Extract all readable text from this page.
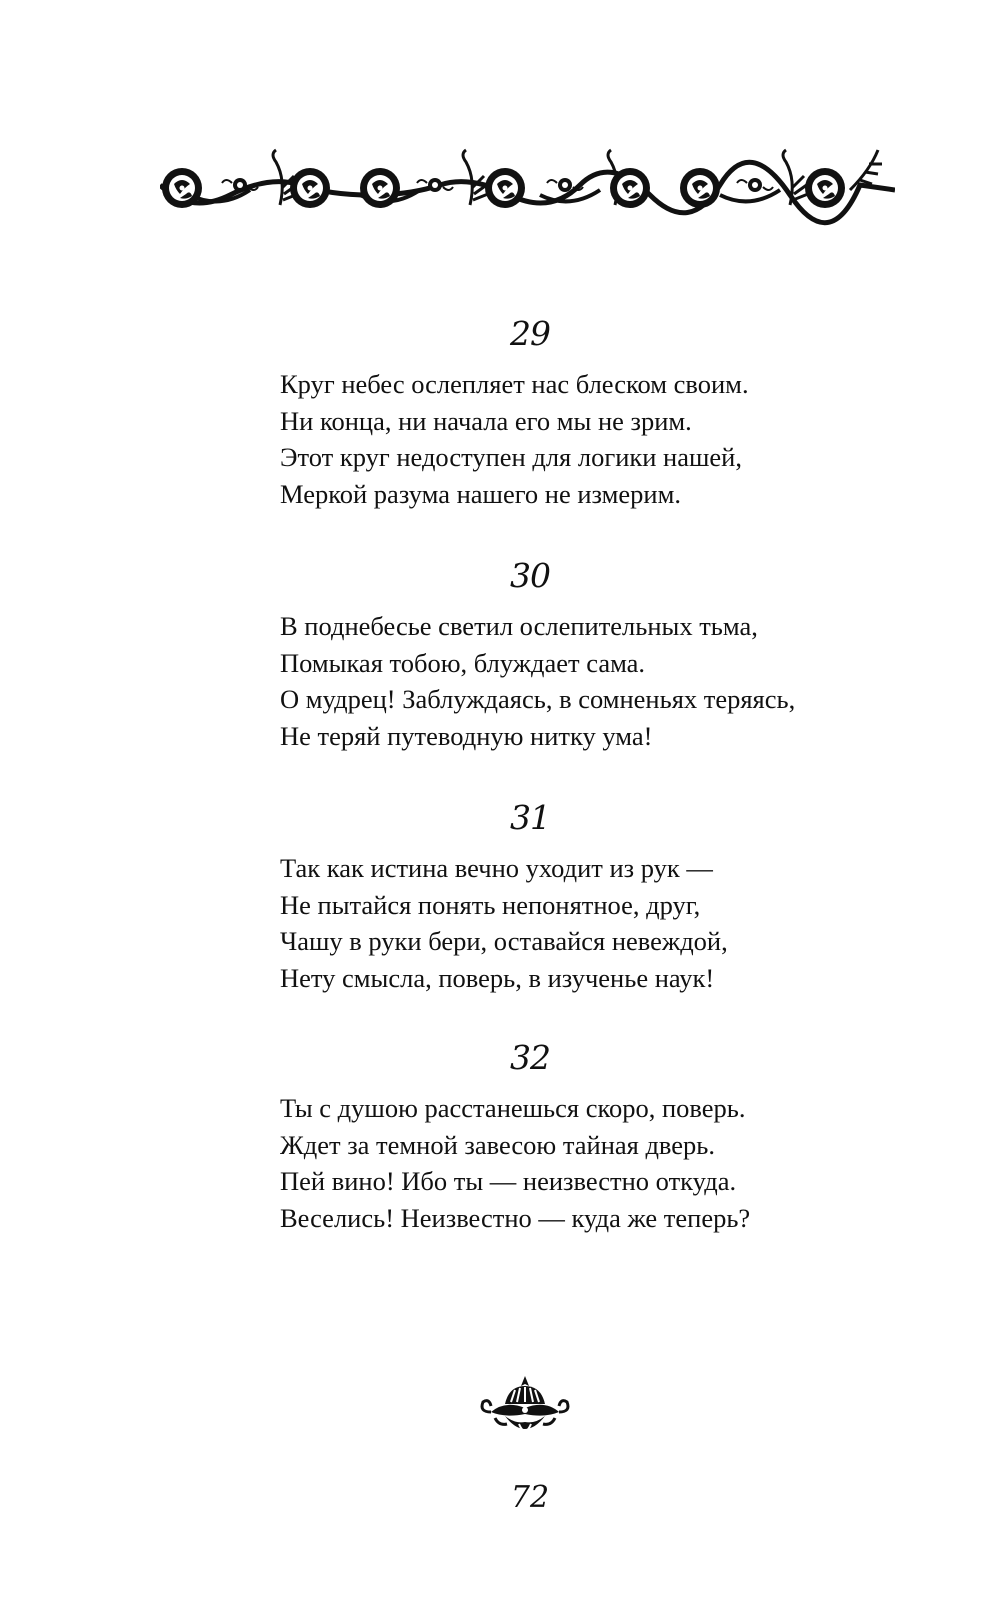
29
Круг небес ослепляет нас блеском своим.
Ни конца, ни начала его мы не зрим.
Этот круг недоступен для логики нашей,
Меркой разума нашего не измерим.
30
В поднебесье светил ослепительных тьма,
Помыкая тобою, блуждает сама.
О мудрец! Заблуждаясь, в сомненьях теряясь,
Не теряй путеводную нитку ума!
31
Так как истина вечно уходит из рук —
Не пытайся понять непонятное, друг,
Чашу в руки бери, оставайся невеждой,
Нету смысла, поверь, в изученье наук!
32
Ты с душою расстанешься скоро, поверь.
Ждет за темной завесою тайная дверь.
Пей вино! Ибо ты — неизвестно откуда.
Веселись! Неизвестно — куда же теперь?
72
